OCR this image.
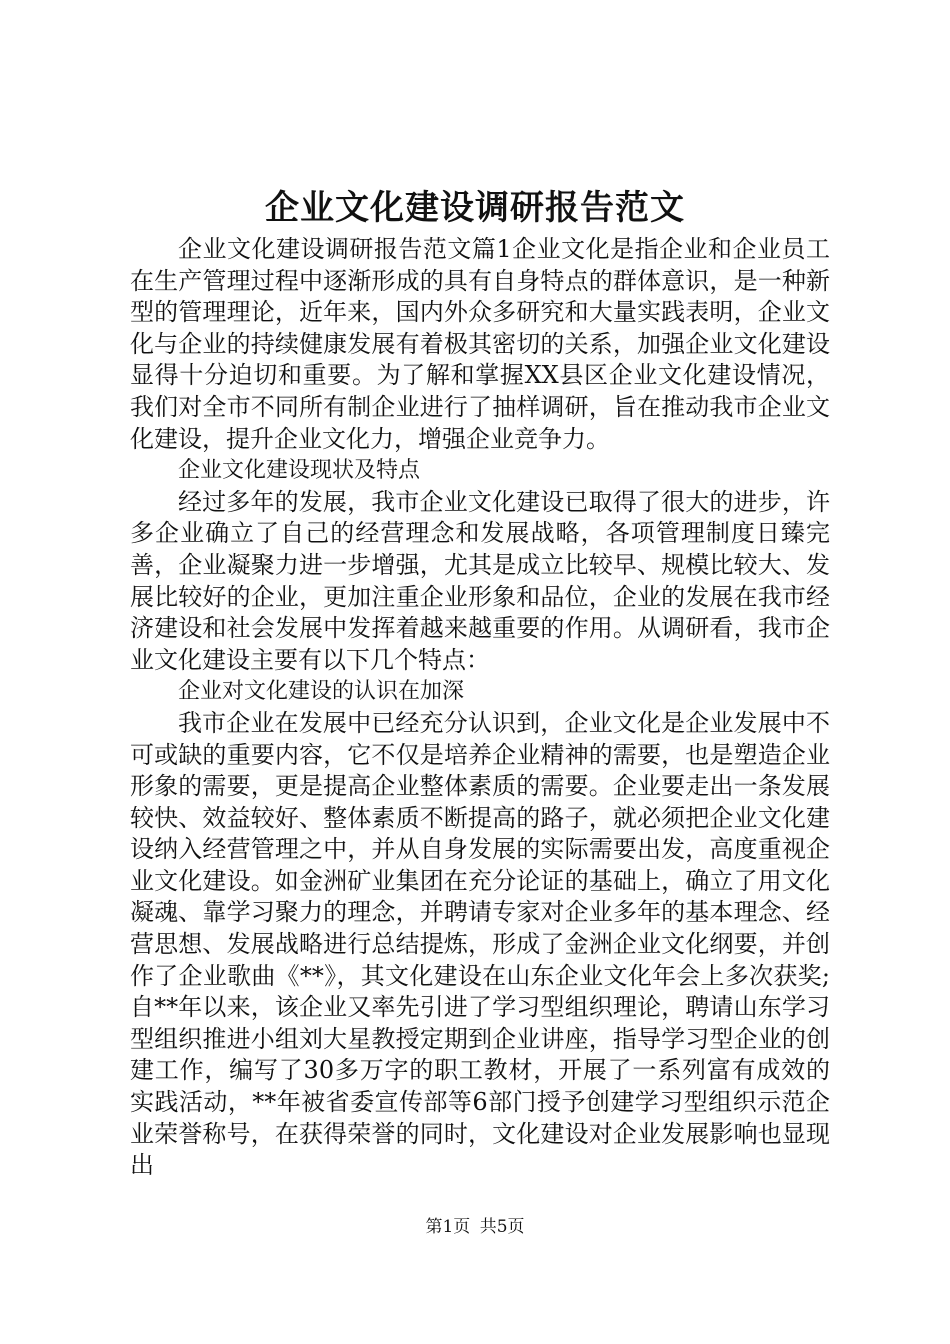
企业文化建设调研报告范文

企业文化建设调研报告范文篇1企业文化是指企业和企业员工在生产管理过程中逐渐形成的具有自身特点的群体意识，是一种新型的管理理论，近年来，国内外众多研究和大量实践表明，企业文化与企业的持续健康发展有着极其密切的关系，加强企业文化建设显得十分迫切和重要。为了解和掌握XX县区企业文化建设情况，我们对全市不同所有制企业进行了抽样调研，旨在推动我市企业文化建设，提升企业文化力，增强企业竞争力。

企业文化建设现状及特点

经过多年的发展，我市企业文化建设已取得了很大的进步，许多企业确立了自己的经营理念和发展战略，各项管理制度日臻完善，企业凝聚力进一步增强，尤其是成立比较早、规模比较大、发展比较好的企业，更加注重企业形象和品位，企业的发展在我市经济建设和社会发展中发挥着越来越重要的作用。从调研看，我市企业文化建设主要有以下几个特点：

企业对文化建设的认识在加深

我市企业在发展中已经充分认识到，企业文化是企业发展中不可或缺的重要内容，它不仅是培养企业精神的需要，也是塑造企业形象的需要，更是提高企业整体素质的需要。企业要走出一条发展较快、效益较好、整体素质不断提高的路子，就必须把企业文化建设纳入经营管理之中，并从自身发展的实际需要出发，高度重视企业文化建设。如金洲矿业集团在充分论证的基础上，确立了用文化凝魂、靠学习聚力的理念，并聘请专家对企业多年的基本理念、经营思想、发展战略进行总结提炼，形成了金洲企业文化纲要，并创作了企业歌曲《**》，其文化建设在山东企业文化年会上多次获奖;自**年以来，该企业又率先引进了学习型组织理论，聘请山东学习型组织推进小组刘大星教授定期到企业讲座，指导学习型企业的创建工作，编写了30多万字的职工教材，开展了一系列富有成效的实践活动，**年被省委宣传部等6部门授予创建学习型组织示范企业荣誉称号，在获得荣誉的同时，文化建设对企业发展影响也显现出

第1页 共5页
